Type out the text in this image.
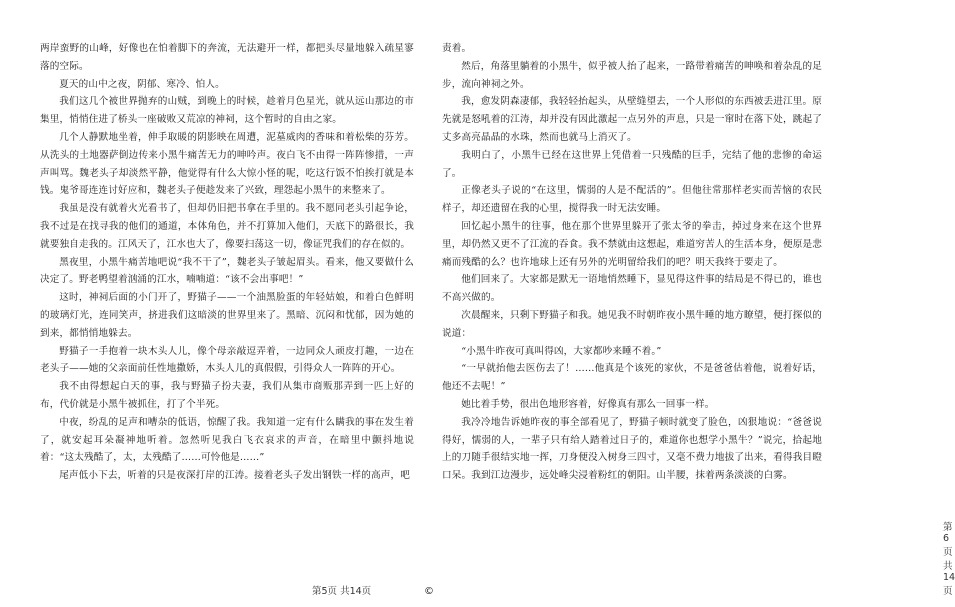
两岸蛮野的山峰，好像也在怕着脚下的奔流，无法避开一样，都把头尽量地躲入疏星寥落的空际。

夏天的山中之夜，阴郁、寒冷、怕人。

我们这几个被世界抛弃的山贼，到晚上的时候，趁着月色星光，就从远山那边的市集里，悄悄住进了桥头一座破败又荒凉的神祠，这个暂时的自由之家。

几个人静默地坐着，伸手取暖的阴影映在周遭，泥墓威肉的香味和着松柴的芬芳。从洗头的土地器萨倒边传来小黑牛痛苦无力的呻吟声。夜白飞不由得一阵阵惨措，一声声叫骂。魏老头子却淡然平静，他觉得有什么大惊小怪的呢，吃这行饭不怕挨打就是本钱。鬼爷哥连连讨好应和，魏老头子便趁发来了兴致，理怨起小黑牛的来整来了。

我虽是没有就着火光看书了，但却仍旧把书拿在手里的。我不愿同老头引起争论，我不过是在找寻我的他们的通道，本体角色，并不打算加入他们，天底下的路很长，我就要独自走我的。江风天了，江水也大了，像要扫荡这一切，像证咒我们的存在似的。

黑夜里，小黑牛痛苦地吧说“我不干了”，魏老头子皱起眉头。看来，他又要做什么决定了。野老鸭望着汹涌的江水，喃喃道：“该不会出事吧！”

这时，神祠后面的小门开了，野猫子——一个油黑脸蛋的年轻姑娘，和着白色鲜明的玻璃灯光，连同笑声，挤进我们这暗淡的世界里来了。黑暗、沉闷和忧郁，因为她的到来，都悄悄地躲去。

野猫子一手抱着一块木头人儿，像个母亲敲逗弄着，一边同众人顽皮打趣，一边在老头子——她的父亲面前任性地撒娇，木头人儿的真假假，引得众人一阵阵的开心。

我不由得想起白天的事，我与野猫子扮夫妻，我们从集市商贩那弄到一匹上好的布，代价就是小黑牛被抓住，打了个半死。

中夜，纷乱的足声和嘈杂的低语，惊醒了我。我知道一定有什么瞒我的事在发生着了，就安起耳朵凝神地听着。忽然听见我白飞衣哀求的声音，在暗里中颤抖地说着：“这太残酷了，太，太残酷了……可怜他是……”

尾声低小下去，听着的只是夜深打岸的江涛。接着老头子发出钢铁一样的高声，吧

第5页 共14页	©

责着。

然后，角落里躺着的小黑牛，似乎被人抬了起来，一路带着痛苦的呻唤和着杂乱的足步，流向神祠之外。

我，愈发阴森凄郁，我轻轻抬起头，从壁缝望去，一个人形似的东西被丢进江里。原先就是怒吼着的江涛，却并没有因此激起一点另外的声息，只是一窜时在落下处，跳起了丈多高亮晶晶的水珠，然而也就马上消灭了。

我明白了，小黑牛已经在这世界上凭借着一只残酷的巨手，完结了他的悲惨的命运了。

正像老头子说的“在这里，懦弱的人是不配活的”。但他往常那样老实而苦恼的农民样子，却还遗留在我的心里，搅得我一时无法安睡。

回忆起小黑牛的往事，他在那个世界里躲开了张太爷的拳击，掉过身来在这个世界里，却仍然又更不了江流的吞食。我不禁就由这想起，难道穷苦人的生活本身，便原是悲痛而残酷的么？也许地球上还有另外的光明留给我们的吧？明天我终于要走了。

他们回来了。大家都是默无一语地悄然睡下，显见得这件事的结局是不得已的，谁也不高兴做的。

次晨醒来，只剩下野猫子和我。她见我不时朝昨夜小黑牛睡的地方瞭望，便打探似的说道：

“小黑牛昨夜可真叫得凶，大家都吵来睡不着。”

“一早就抬他去医伤去了！……他真是个该死的家伙，不是爸爸估着他，说着好话，他还不去呢！”

她比着手势，很出色地形容着，好像真有那么一回事一样。

我冷冷地告诉她昨夜的事全部看见了，野猫子顿时就变了脸色，凶狠地说：“爸爸说得好，懦弱的人，一辈子只有给人踏着过日子的，难道你也想学小黑牛？”说完，拾起地上的刀随手很结实地一挥，刀身便没入树身三四寸，又毫不费力地拔了出来，看得我目瞪口呆。我到江边漫步，远处峰尖浸着粉红的朝阳。山半腰，抹着两条淡淡的白雾。

第6页 共14页
